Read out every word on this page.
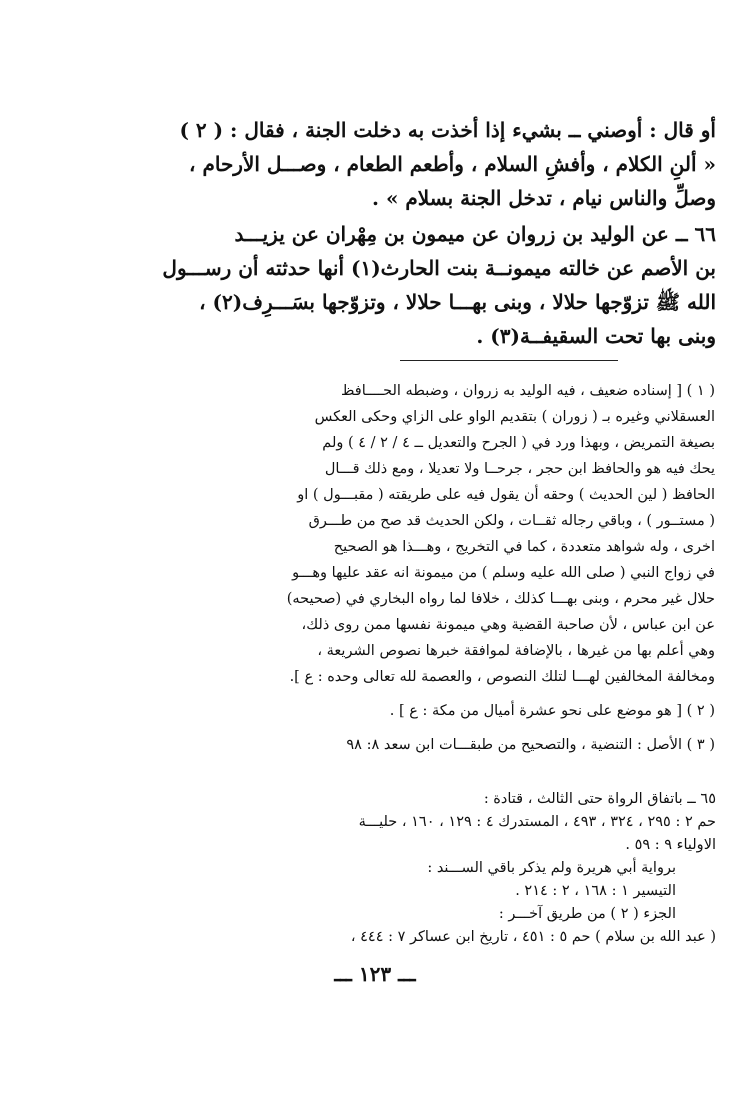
أو قال : أوصني ــ بشيء إذا أخذت به دخلت الجنة ، فقال : ( ٢ )

« ألنِ الكلام ، وأفشِ السلام ، وأطعم الطعام ، وصـــل الأرحام ،

وصلِّ والناس نيام ، تدخل الجنة بسلام » .

٦٦ ــ عن الوليد بن زروان عن ميمون بن مِهْران عن يزيـــد

بن الأصم عن خالته ميمونــة بنت الحارث(١) أنها حدثته أن رســـول

الله ﷺ تزوّجها حلالا ، وبنى بهـــا حلالا ، وتزوّجها بسَـــرِف(٢) ،

وبنى بها تحت السقيفــة(٣) .

( ١ ) [ إسناده ضعيف ، فيه الوليد به زروان ، وضبطه الحــــافظ

العسقلاني وغيره بـ ( زوران ) بتقديم الواو على الزاي وحكى العكس

بصيغة التمريض ، وبهذا ورد في ( الجرح والتعديل ــ ٤ / ٢ / ٤ ) ولم

يحك فيه هو والحافظ ابن حجر ، جرحــا ولا تعديلا ، ومع ذلك قـــال

الحافظ ( لين الحديث ) وحقه أن يقول فيه على طريقته ( مقبـــول ) او

( مستــور ) ، وباقي رجاله ثقــات ، ولكن الحديث قد صح من طـــرق

اخرى ، وله شواهد متعددة ، كما في التخريج ، وهـــذا هو الصحيح

في زواج النبي ( صلى الله عليه وسلم ) من ميمونة انه عقد عليها وهـــو

حلال غير محرم ، وبنى بهـــا كذلك ، خلافا لما رواه البخاري في (صحيحه)

عن ابن عباس ، لأن صاحبة القضية وهي ميمونة نفسها ممن روى ذلك،

وهي أعلم بها من غيرها ، بالإضافة لموافقة خبرها نصوص الشريعة ،

ومخالفة المخالفين لهـــا لتلك النصوص ، والعصمة لله تعالى وحده : ع ].

( ٢ ) [ هو موضع على نحو عشرة أميال من مكة : ع ] .

( ٣ ) الأصل : التنضية ، والتصحيح من طبقـــات ابن سعد ٨: ٩٨

٦٥ ــ باتفاق الرواة حتى الثالث ، قتادة :

حم ٢ : ٢٩٥ ، ٣٢٤ ، ٤٩٣ ، المستدرك ٤ : ١٢٩ ، ١٦٠ ، حليـــة

الاولياء ٩ : ٥٩ .

برواية أبي هريرة ولم يذكر باقي الســـند :

التيسير ١ : ١٦٨ ، ٢ : ٢١٤ .

الجزء ( ٢ ) من طريق آخـــر :

( عبد الله بن سلام ) حم ٥ : ٤٥١ ، تاريخ ابن عساكر ٧ : ٤٤٤ ،

ـــ ١٢٣ ـــ
